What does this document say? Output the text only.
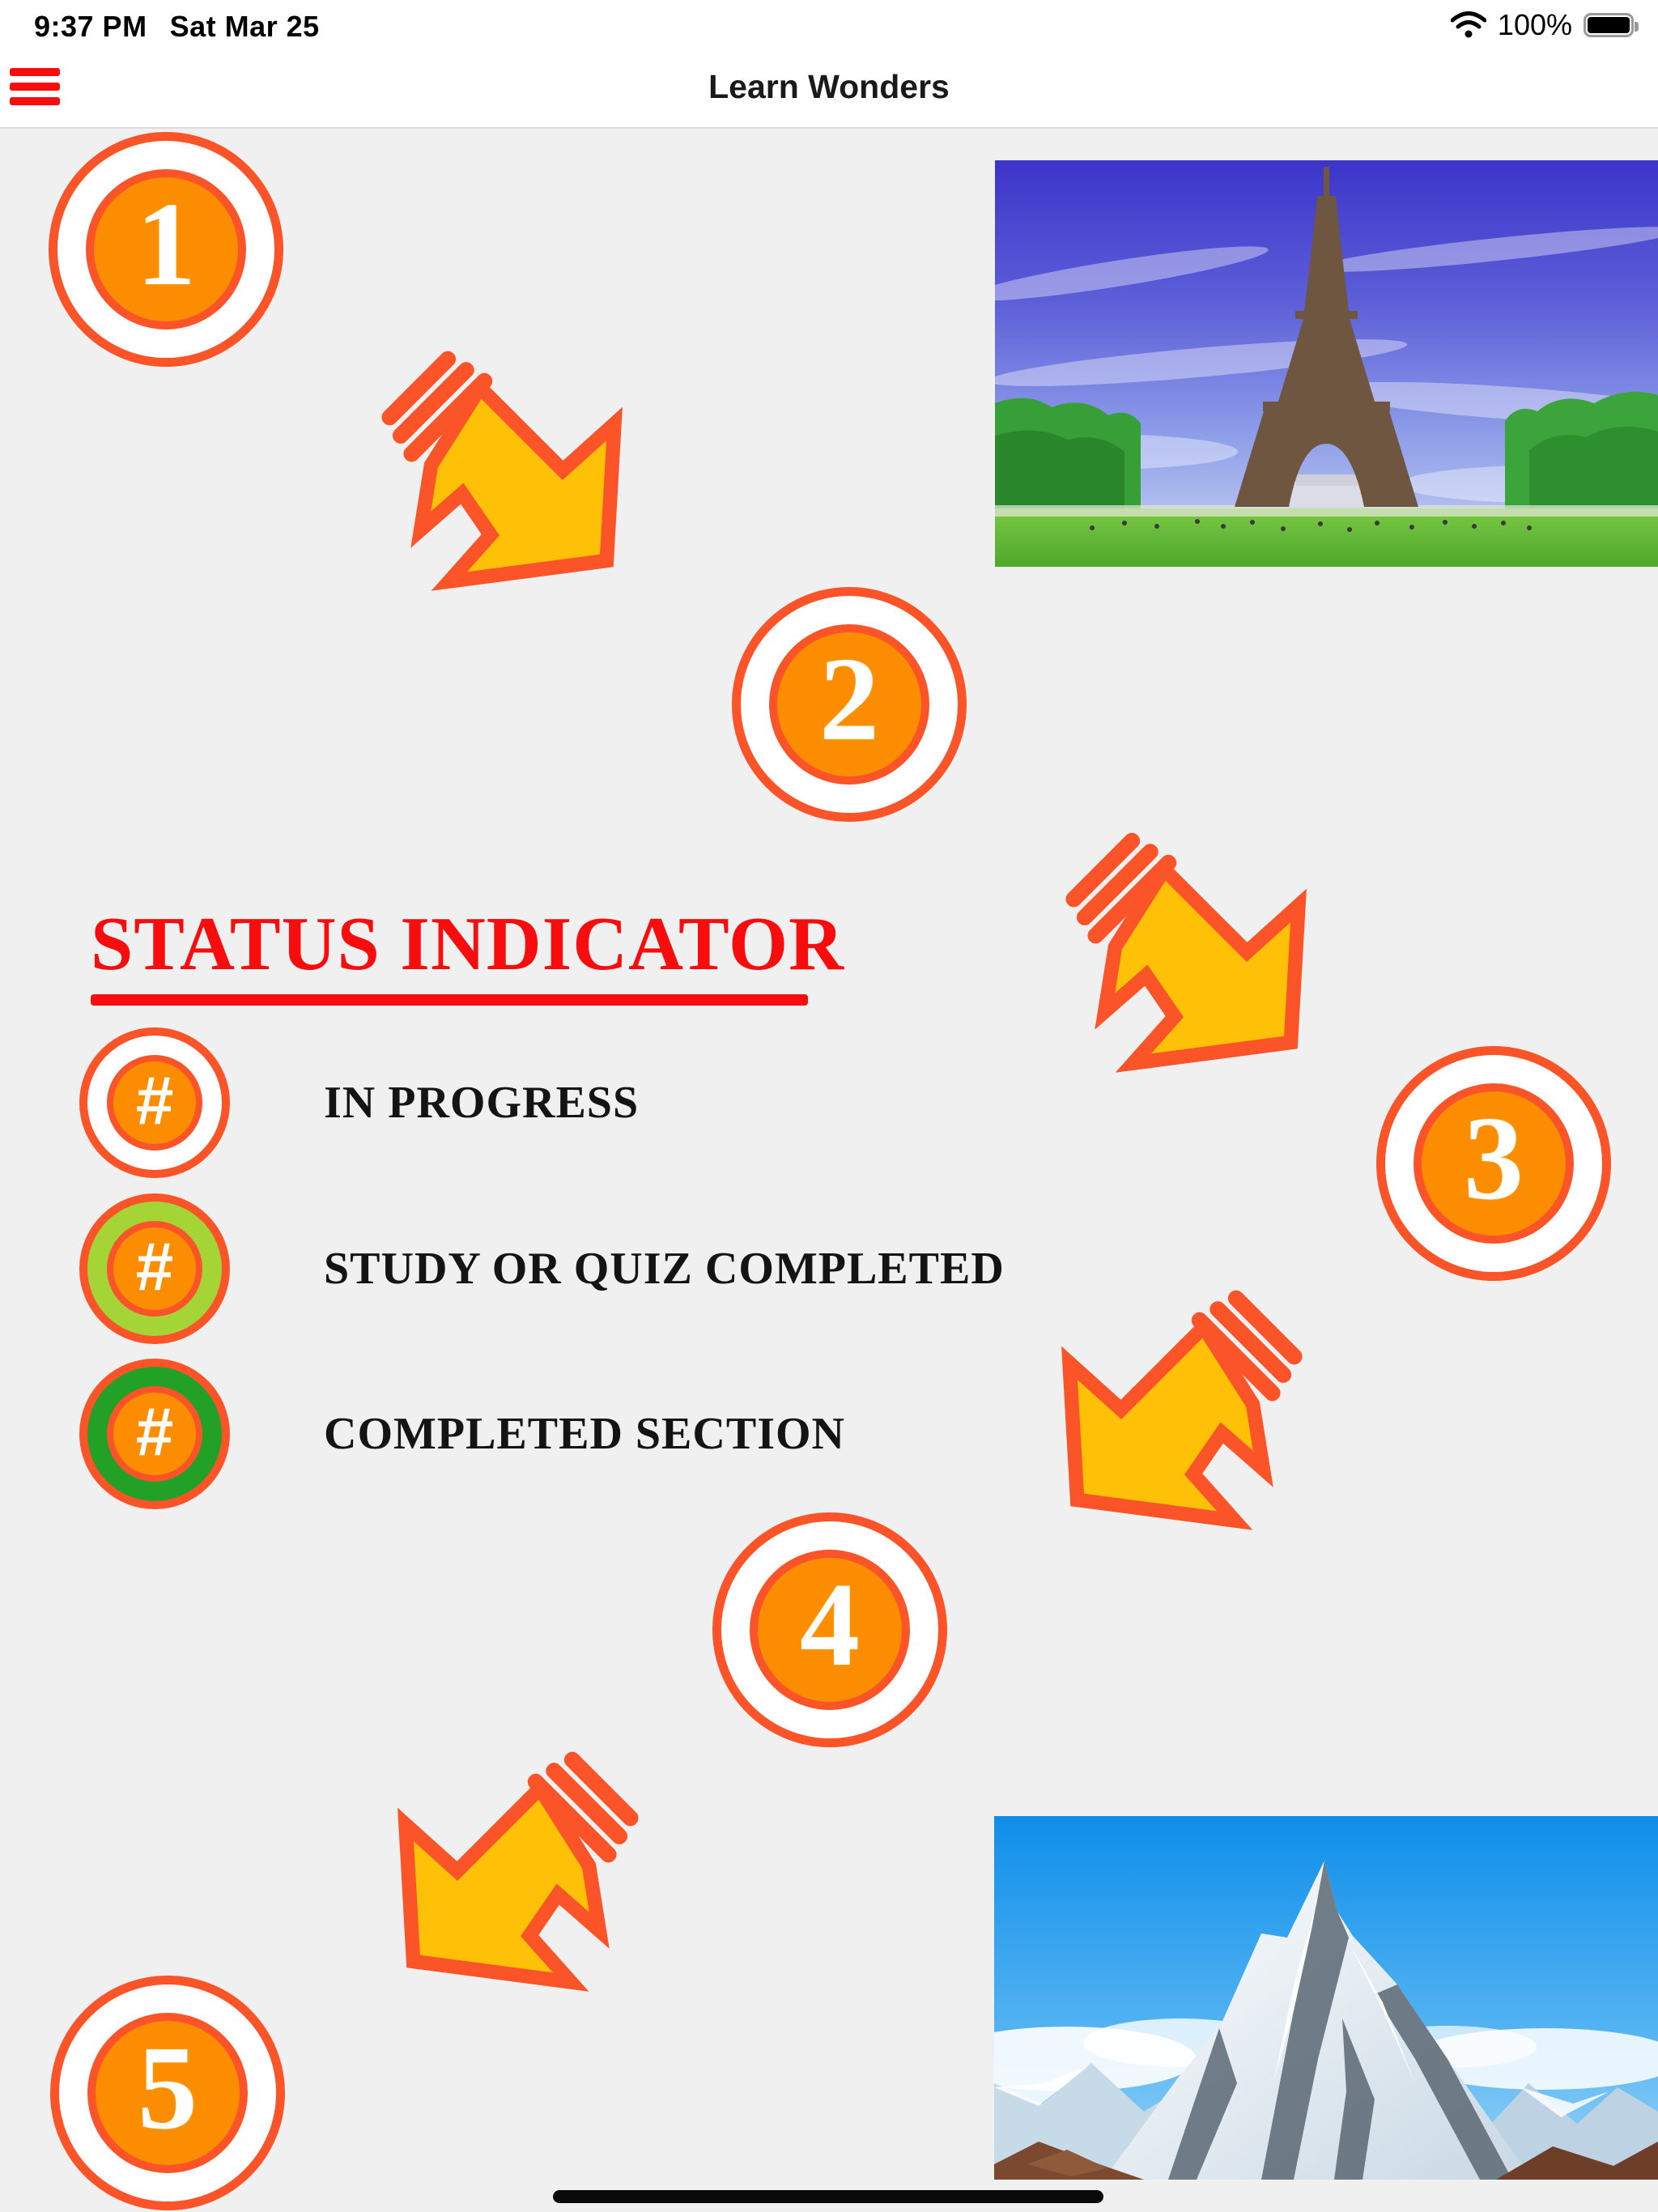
9:37 PM Sat Mar 25	100%
Learn Wonders
1
2
3
4
5
STATUS INDICATOR
#	IN PROGRESS
#	STUDY OR QUIZ COMPLETED
#	COMPLETED SECTION
